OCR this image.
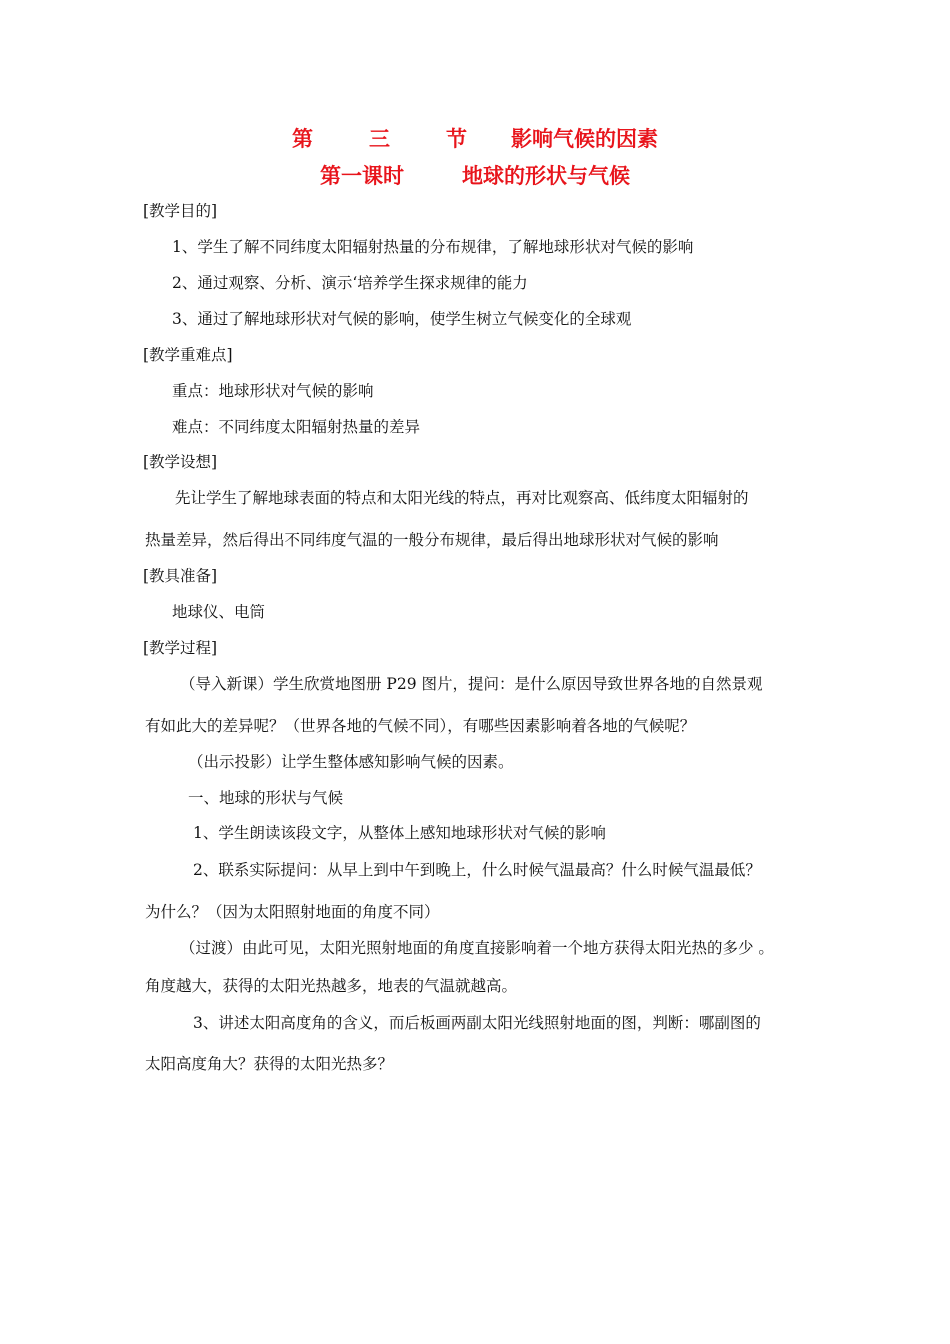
第	三	节 影响气候的因素
第一课时	地球的形状与气候
[教学目的]
1、学生了解不同纬度太阳辐射热量的分布规律，了解地球形状对气候的影响
2、通过观察、分析、演示‘培养学生探求规律的能力
3、通过了解地球形状对气候的影响，使学生树立气候变化的全球观
[教学重难点]
重点：地球形状对气候的影响
难点：不同纬度太阳辐射热量的差异
[教学设想]
先让学生了解地球表面的特点和太阳光线的特点，再对比观察高、低纬度太阳辐射的
热量差异，然后得出不同纬度气温的一般分布规律，最后得出地球形状对气候的影响
[教具准备]
地球仪、电筒
[教学过程]
（导入新课）学生欣赏地图册 P29 图片，提问：是什么原因导致世界各地的自然景观
有如此大的差异呢？（世界各地的气候不同），有哪些因素影响着各地的气候呢？
（出示投影）让学生整体感知影响气候的因素。
一、地球的形状与气候
1、学生朗读该段文字，从整体上感知地球形状对气候的影响
2、联系实际提问：从早上到中午到晚上，什么时候气温最高？什么时候气温最低？
为什么？（因为太阳照射地面的角度不同）
（过渡）由此可见，太阳光照射地面的角度直接影响着一个地方获得太阳光热的多少 。
角度越大，获得的太阳光热越多，地表的气温就越高。
3、讲述太阳高度角的含义，而后板画两副太阳光线照射地面的图，判断：哪副图的
太阳高度角大？获得的太阳光热多？
